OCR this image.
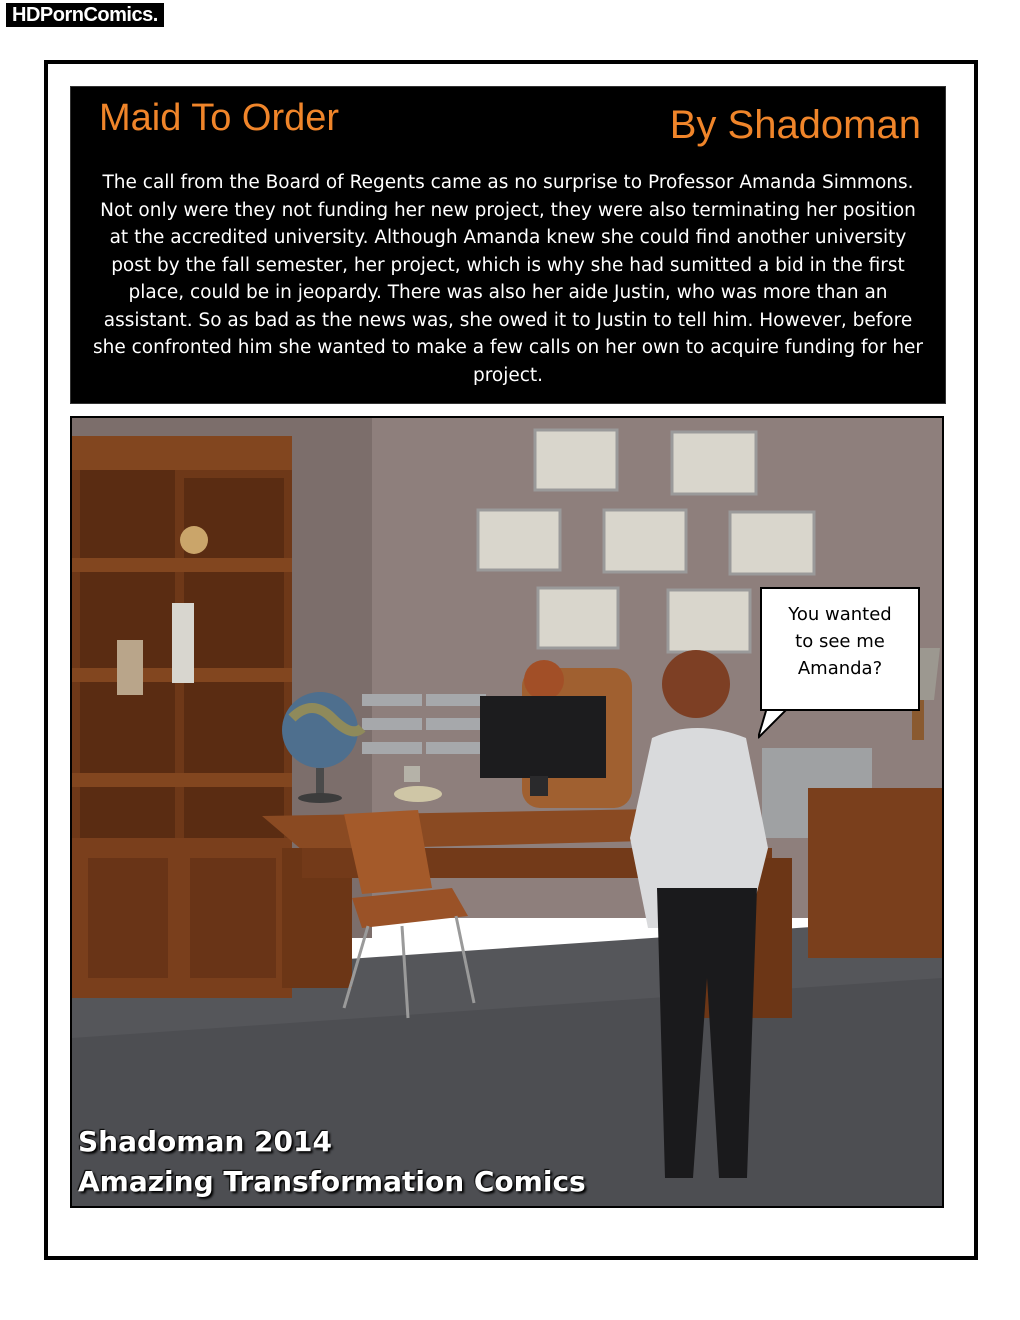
HDPornComics.
Maid To Order	By Shadoman
The call from the Board of Regents came as no surprise to Professor Amanda Simmons. Not only were they not funding her new project, they were also terminating her position at the accredited university. Although Amanda knew she could find another university post by the fall semester, her project, which is why she had sumitted a bid in the first place, could be in jeopardy. There was also her aide Justin, who was more than an assistant. So as bad as the news was, she owed it to Justin to tell him. However, before she confronted him she wanted to make a few calls on her own to acquire funding for her project.
You wanted
to see me
Amanda?
Shadoman 2014
Amazing Transformation Comics
